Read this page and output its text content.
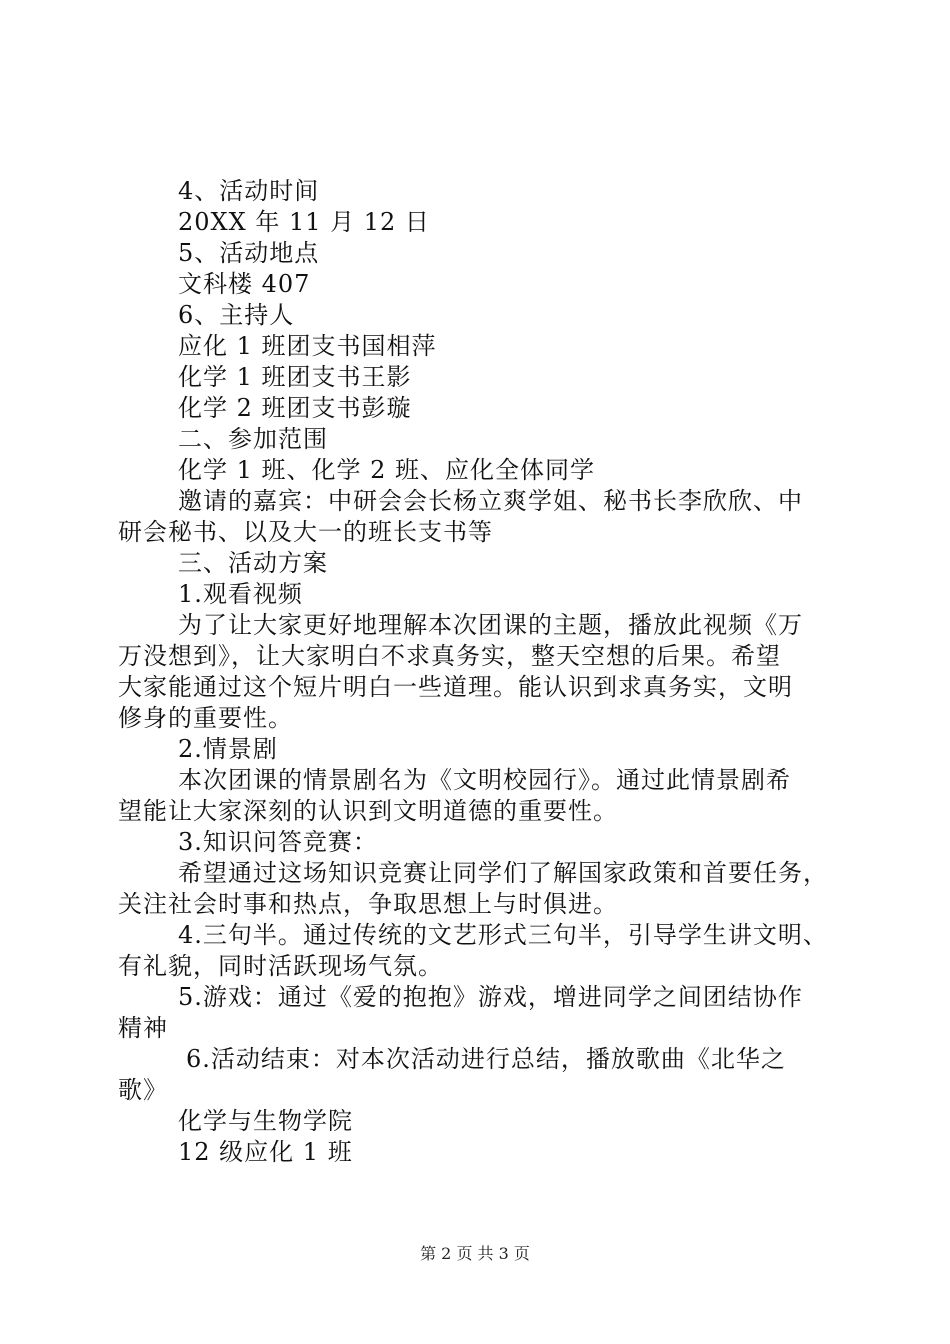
4、活动时间
20XX 年 11 月 12 日
5、活动地点
文科楼 407
6、主持人
应化 1 班团支书国相萍
化学 1 班团支书王影
化学 2 班团支书彭璇
二、参加范围
化学 1 班、化学 2 班、应化全体同学
邀请的嘉宾：中研会会长杨立爽学姐、秘书长李欣欣、中
研会秘书、以及大一的班长支书等
三、活动方案
1.观看视频
为了让大家更好地理解本次团课的主题，播放此视频《万
万没想到》，让大家明白不求真务实，整天空想的后果。希望
大家能通过这个短片明白一些道理。能认识到求真务实，文明
修身的重要性。
2.情景剧
本次团课的情景剧名为《文明校园行》。通过此情景剧希
望能让大家深刻的认识到文明道德的重要性。
3.知识问答竞赛：
希望通过这场知识竞赛让同学们了解国家政策和首要任务，
关注社会时事和热点，争取思想上与时俱进。
4.三句半。通过传统的文艺形式三句半，引导学生讲文明、
有礼貌，同时活跃现场气氛。
5.游戏：通过《爱的抱抱》游戏，增进同学之间团结协作
精神
6.活动结束：对本次活动进行总结，播放歌曲《北华之
歌》
化学与生物学院
12 级应化 1 班
第 2 页 共 3 页
